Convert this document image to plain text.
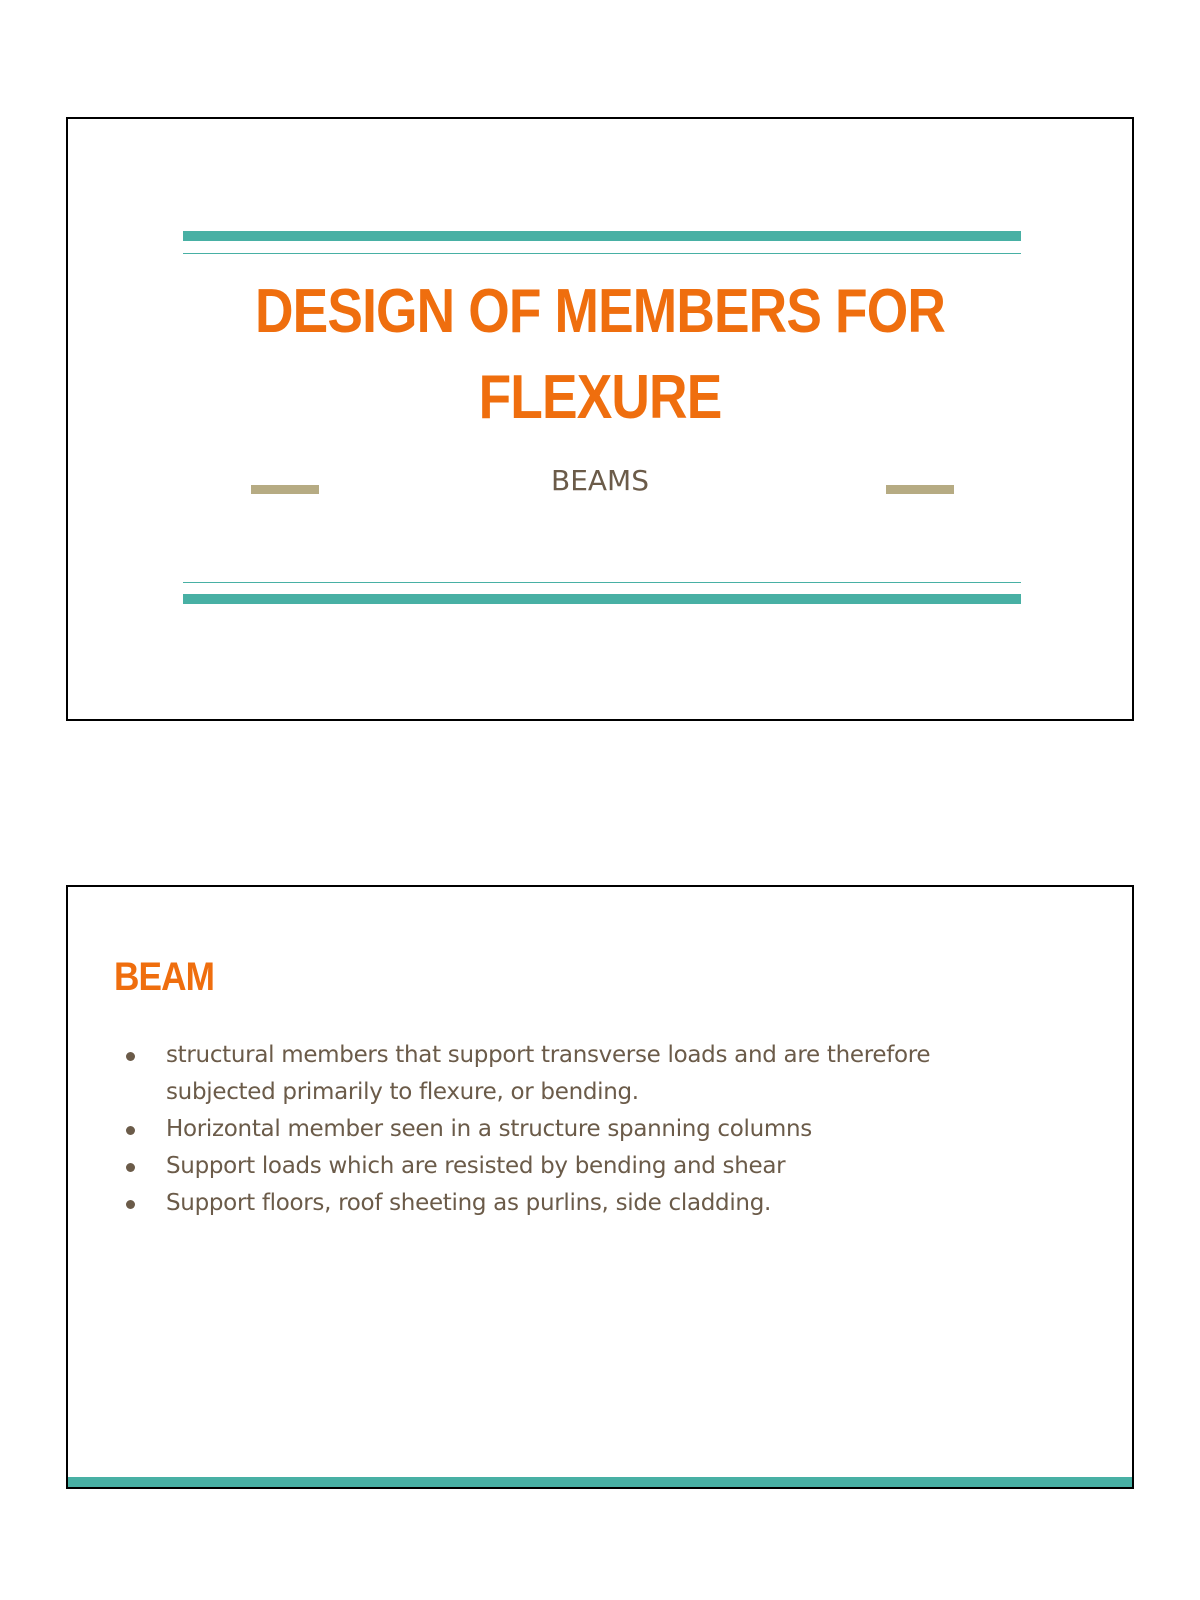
DESIGN OF MEMBERS FOR
FLEXURE
BEAMS
BEAM
structural members that support transverse loads and are therefore subjected primarily to flexure, or bending.
Horizontal member seen in a structure spanning columns
Support loads which are resisted by bending and shear
Support floors, roof sheeting as purlins, side cladding.
